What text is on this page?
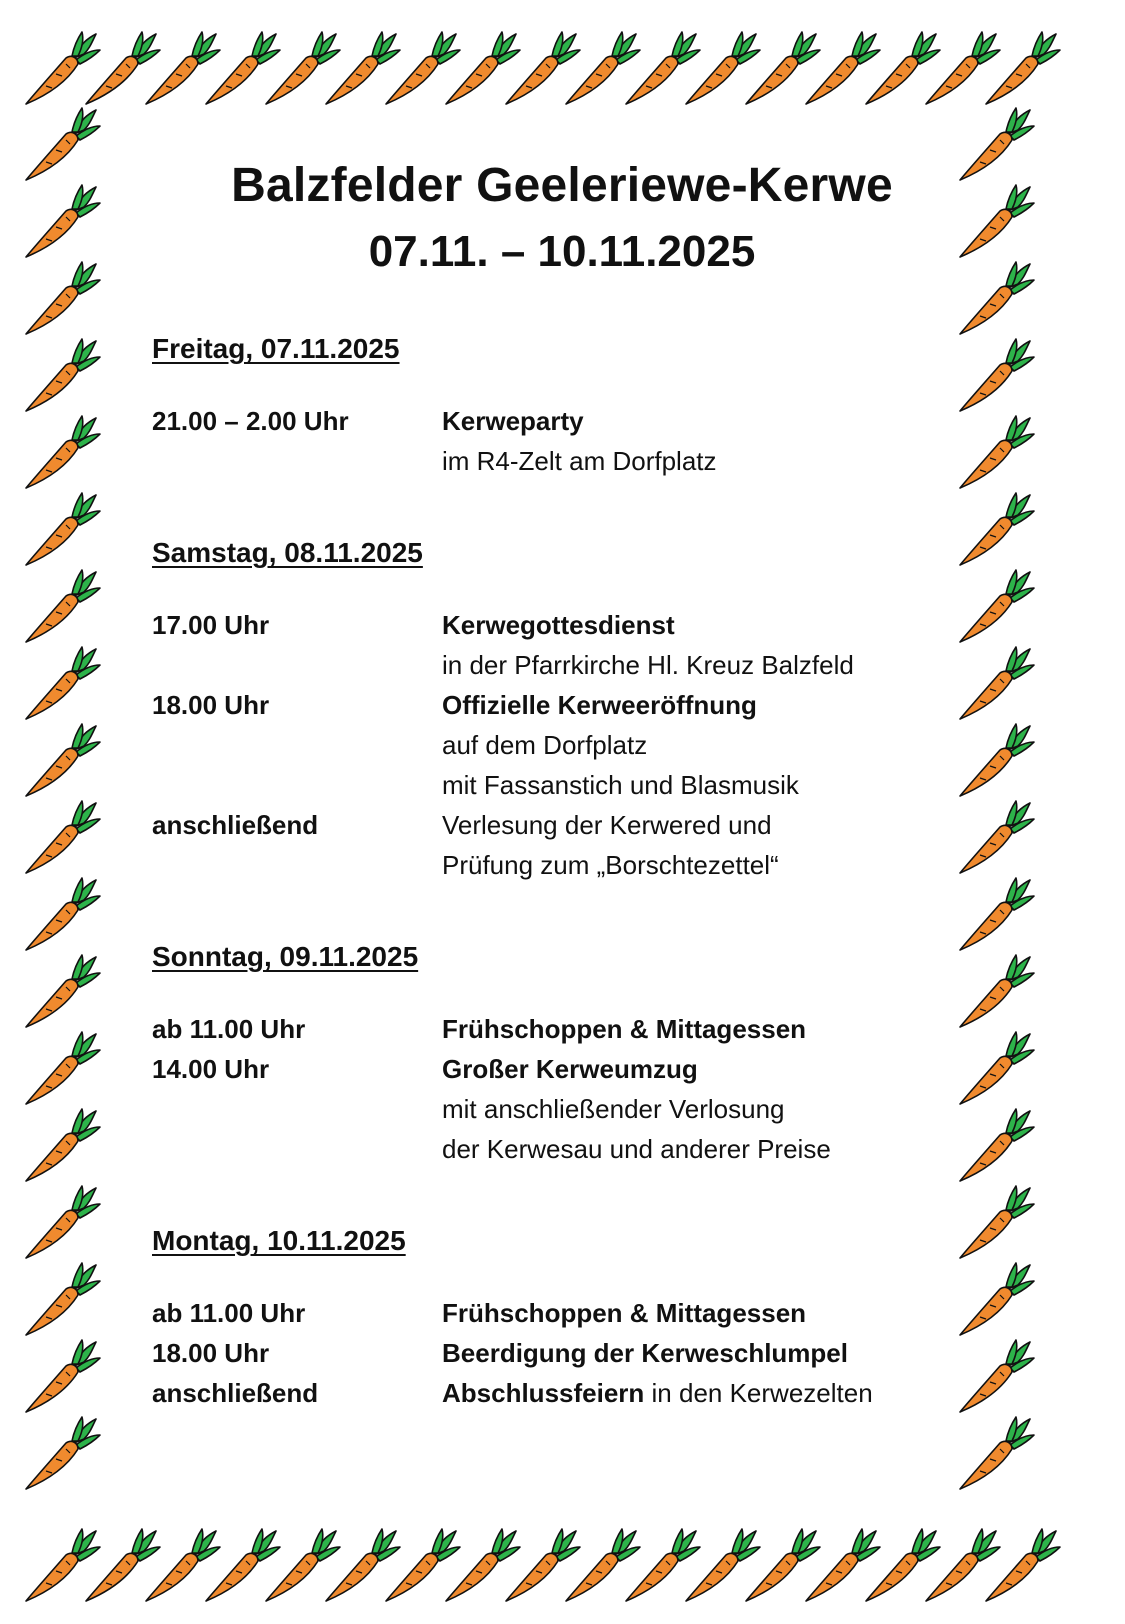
Balzfelder Geeleriewe-Kerwe
07.11. – 10.11.2025
Freitag, 07.11.2025
21.00 – 2.00 Uhr	Kerweparty
im R4-Zelt am Dorfplatz
Samstag, 08.11.2025
17.00 Uhr	Kerwegottesdienst
in der Pfarrkirche Hl. Kreuz Balzfeld
18.00 Uhr	Offizielle Kerweeröffnung
auf dem Dorfplatz
mit Fassanstich und Blasmusik
anschließend	Verlesung der Kerwered und
Prüfung zum „Borschtezettel“
Sonntag, 09.11.2025
ab 11.00 Uhr	Frühschoppen & Mittagessen
14.00 Uhr	Großer Kerweumzug
mit anschließender Verlosung
der Kerwesau und anderer Preise
Montag, 10.11.2025
ab 11.00 Uhr	Frühschoppen & Mittagessen
18.00 Uhr	Beerdigung der Kerweschlumpel
anschließend	Abschlussfeiern in den Kerwezelten
